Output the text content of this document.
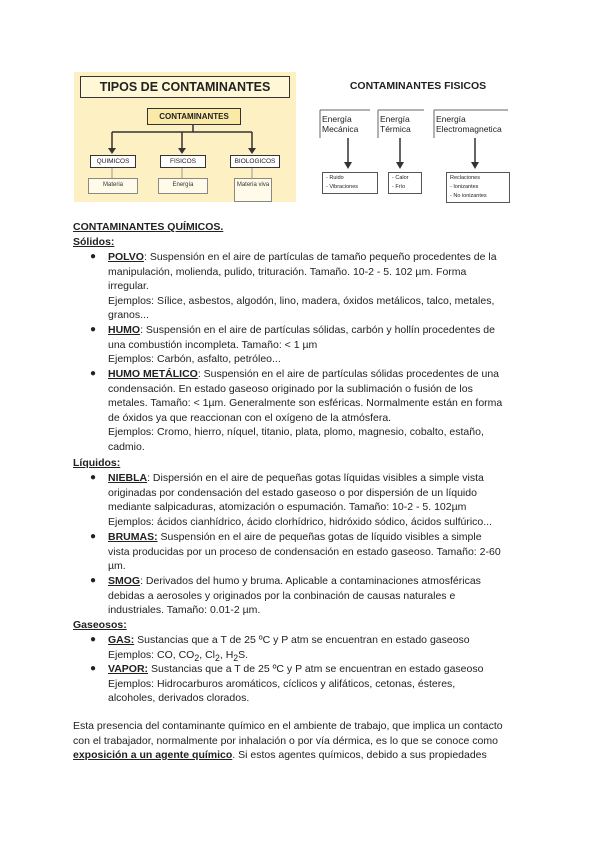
TIPOS DE CONTAMINANTES
CONTAMINANTES
QUIMICOS	FISICOS	BIOLOGICOS
Materia	Energía	Materia viva
CONTAMINANTES FISICOS
Energía
Mecánica
Energía
Térmica
Energía
Electromagnetica
- Ruido
- Vibraciones
- Calor
- Frío
Reclaciones
- Ionizantes
- No ionizantes
CONTAMINANTES QUÍMICOS.
Sólidos:
● POLVO: Suspensión en el aire de partículas de tamaño pequeño procedentes de la
manipulación, molienda, pulido, trituración. Tamaño. 10-2 - 5. 102 µm. Forma
irregular.
Ejemplos: Sílice, asbestos, algodón, lino, madera, óxidos metálicos, talco, metales,
granos...
● HUMO: Suspensión en el aire de partículas sólidas, carbón y hollín procedentes de
una combustión incompleta. Tamaño: < 1 µm
Ejemplos: Carbón, asfalto, petróleo...
● HUMO METÁLICO: Suspensión en el aire de partículas sólidas procedentes de una
condensación. En estado gaseoso originado por la sublimación o fusión de los
metales. Tamaño: < 1µm. Generalmente son esféricas. Normalmente están en forma
de óxidos ya que reaccionan con el oxígeno de la atmósfera.
Ejemplos: Cromo, hierro, níquel, titanio, plata, plomo, magnesio, cobalto, estaño,
cadmio.
Líquidos:
● NIEBLA: Dispersión en el aire de pequeñas gotas líquidas visibles a simple vista
originadas por condensación del estado gaseoso o por dispersión de un líquido
mediante salpicaduras, atomización o espumación. Tamaño: 10-2 - 5. 102µm
Ejemplos: ácidos cianhídrico, ácido clorhídrico, hidróxido sódico, ácidos sulfúrico...
● BRUMAS: Suspensión en el aire de pequeñas gotas de líquido visibles a simple
vista producidas por un proceso de condensación en estado gaseoso. Tamaño: 2-60
µm.
● SMOG: Derivados del humo y bruma. Aplicable a contaminaciones atmosféricas
debidas a aerosoles y originados por la conbinación de causas naturales e
industriales. Tamaño: 0.01-2 µm.
Gaseosos:
● GAS: Sustancias que a T de 25 ºC y P atm se encuentran en estado gaseoso
Ejemplos: CO, $CO_2$, $Cl_2$, $H_2S$.
● VAPOR: Sustancias que a T de 25 ºC y P atm se encuentran en estado gaseoso
Ejemplos: Hidrocarburos aromáticos, cíclicos y alifáticos, cetonas, ésteres,
alcoholes, derivados clorados.
Esta presencia del contaminante químico en el ambiente de trabajo, que implica un contacto
con el trabajador, normalmente por inhalación o por vía dérmica, es lo que se conoce como
exposición a un agente químico. Si estos agentes químicos, debido a sus propiedades
